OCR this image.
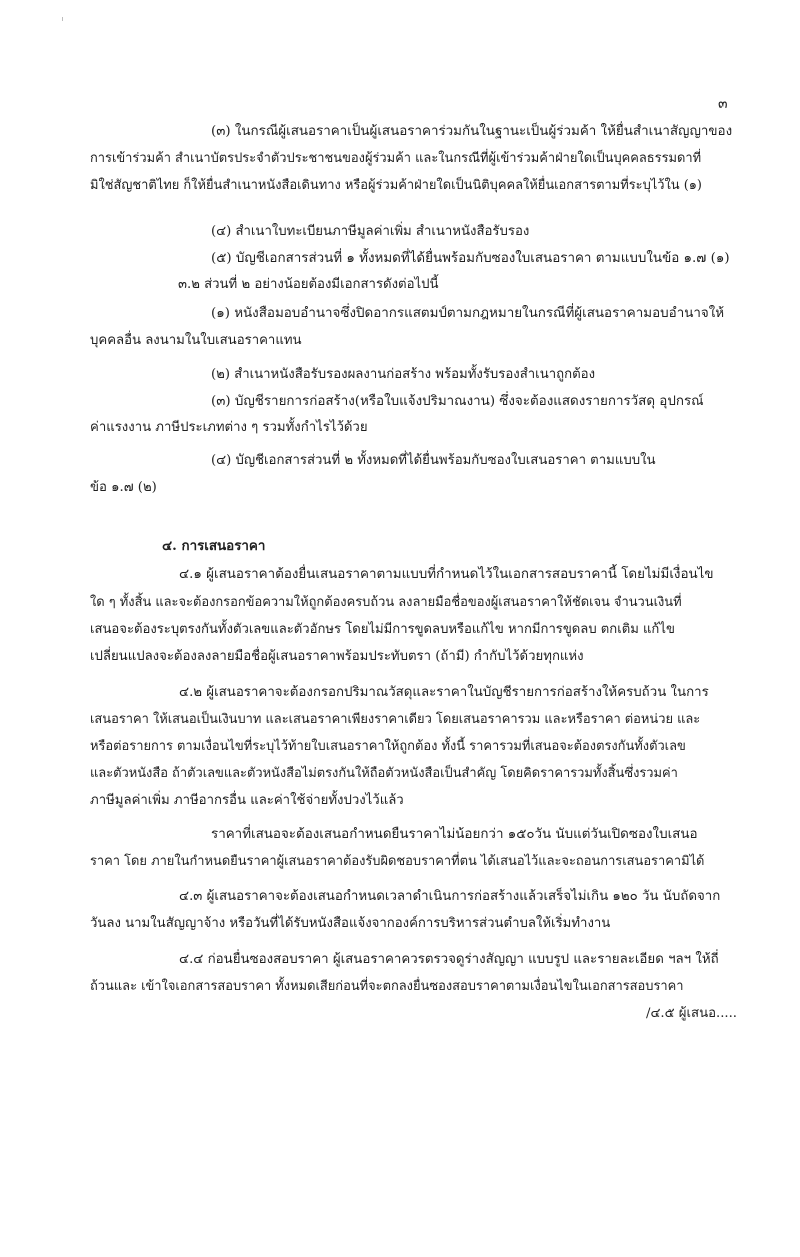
๓
(๓) ในกรณีผู้เสนอราคาเป็นผู้เสนอราคาร่วมกันในฐานะเป็นผู้ร่วมค้า ให้ยื่นสำเนาสัญญาของ
การเข้าร่วมค้า สำเนาบัตรประจำตัวประชาชนของผู้ร่วมค้า และในกรณีที่ผู้เข้าร่วมค้าฝ่ายใดเป็นบุคคลธรรมดาที่
มิใช่สัญชาติไทย ก็ให้ยื่นสำเนาหนังสือเดินทาง หรือผู้ร่วมค้าฝ่ายใดเป็นนิติบุคคลให้ยื่นเอกสารตามที่ระบุไว้ใน (๑)
(๔) สำเนาใบทะเบียนภาษีมูลค่าเพิ่ม สำเนาหนังสือรับรอง
(๕) บัญชีเอกสารส่วนที่ ๑ ทั้งหมดที่ได้ยื่นพร้อมกับซองใบเสนอราคา ตามแบบในข้อ ๑.๗ (๑)
๓.๒ ส่วนที่ ๒ อย่างน้อยต้องมีเอกสารดังต่อไปนี้
(๑) หนังสือมอบอำนาจซึ่งปิดอากรแสตมป์ตามกฎหมายในกรณีที่ผู้เสนอราคามอบอำนาจให้
บุคคลอื่น ลงนามในใบเสนอราคาแทน
(๒) สำเนาหนังสือรับรองผลงานก่อสร้าง พร้อมทั้งรับรองสำเนาถูกต้อง
(๓) บัญชีรายการก่อสร้าง(หรือใบแจ้งปริมาณงาน) ซึ่งจะต้องแสดงรายการวัสดุ อุปกรณ์
ค่าแรงงาน ภาษีประเภทต่าง ๆ รวมทั้งกำไรไว้ด้วย
(๔) บัญชีเอกสารส่วนที่ ๒ ทั้งหมดที่ได้ยื่นพร้อมกับซองใบเสนอราคา ตามแบบใน
ข้อ ๑.๗ (๒)
๔. การเสนอราคา
๔.๑ ผู้เสนอราคาต้องยื่นเสนอราคาตามแบบที่กำหนดไว้ในเอกสารสอบราคานี้ โดยไม่มีเงื่อนไข
ใด ๆ ทั้งสิ้น และจะต้องกรอกข้อความให้ถูกต้องครบถ้วน ลงลายมือชื่อของผู้เสนอราคาให้ชัดเจน จำนวนเงินที่
เสนอจะต้องระบุตรงกันทั้งตัวเลขและตัวอักษร โดยไม่มีการขูดลบหรือแก้ไข หากมีการขูดลบ ตกเติม แก้ไข
เปลี่ยนแปลงจะต้องลงลายมือชื่อผู้เสนอราคาพร้อมประทับตรา (ถ้ามี) กำกับไว้ด้วยทุกแห่ง
๔.๒ ผู้เสนอราคาจะต้องกรอกปริมาณวัสดุและราคาในบัญชีรายการก่อสร้างให้ครบถ้วน ในการ
เสนอราคา ให้เสนอเป็นเงินบาท และเสนอราคาเพียงราคาเดียว โดยเสนอราคารวม และหรือราคา ต่อหน่วย และ
หรือต่อรายการ ตามเงื่อนไขที่ระบุไว้ท้ายใบเสนอราคาให้ถูกต้อง ทั้งนี้ ราคารวมที่เสนอจะต้องตรงกันทั้งตัวเลข
และตัวหนังสือ ถ้าตัวเลขและตัวหนังสือไม่ตรงกันให้ถือตัวหนังสือเป็นสำคัญ โดยคิดราคารวมทั้งสิ้นซึ่งรวมค่า
ภาษีมูลค่าเพิ่ม ภาษีอากรอื่น และค่าใช้จ่ายทั้งปวงไว้แล้ว
ราคาที่เสนอจะต้องเสนอกำหนดยืนราคาไม่น้อยกว่า ๑๕๐วัน นับแต่วันเปิดซองใบเสนอ
ราคา โดย ภายในกำหนดยืนราคาผู้เสนอราคาต้องรับผิดชอบราคาที่ตน ได้เสนอไว้และจะถอนการเสนอราคามิได้
๔.๓ ผู้เสนอราคาจะต้องเสนอกำหนดเวลาดำเนินการก่อสร้างแล้วเสร็จไม่เกิน ๑๒๐ วัน นับถัดจาก
วันลง นามในสัญญาจ้าง หรือวันที่ได้รับหนังสือแจ้งจากองค์การบริหารส่วนตำบลให้เริ่มทำงาน
๔.๔ ก่อนยื่นซองสอบราคา ผู้เสนอราคาควรตรวจดูร่างสัญญา แบบรูป และรายละเอียด ฯลฯ ให้ถี่
ถ้วนและ เข้าใจเอกสารสอบราคา ทั้งหมดเสียก่อนที่จะตกลงยื่นซองสอบราคาตามเงื่อนไขในเอกสารสอบราคา
/๔.๕ ผู้เสนอ.....
